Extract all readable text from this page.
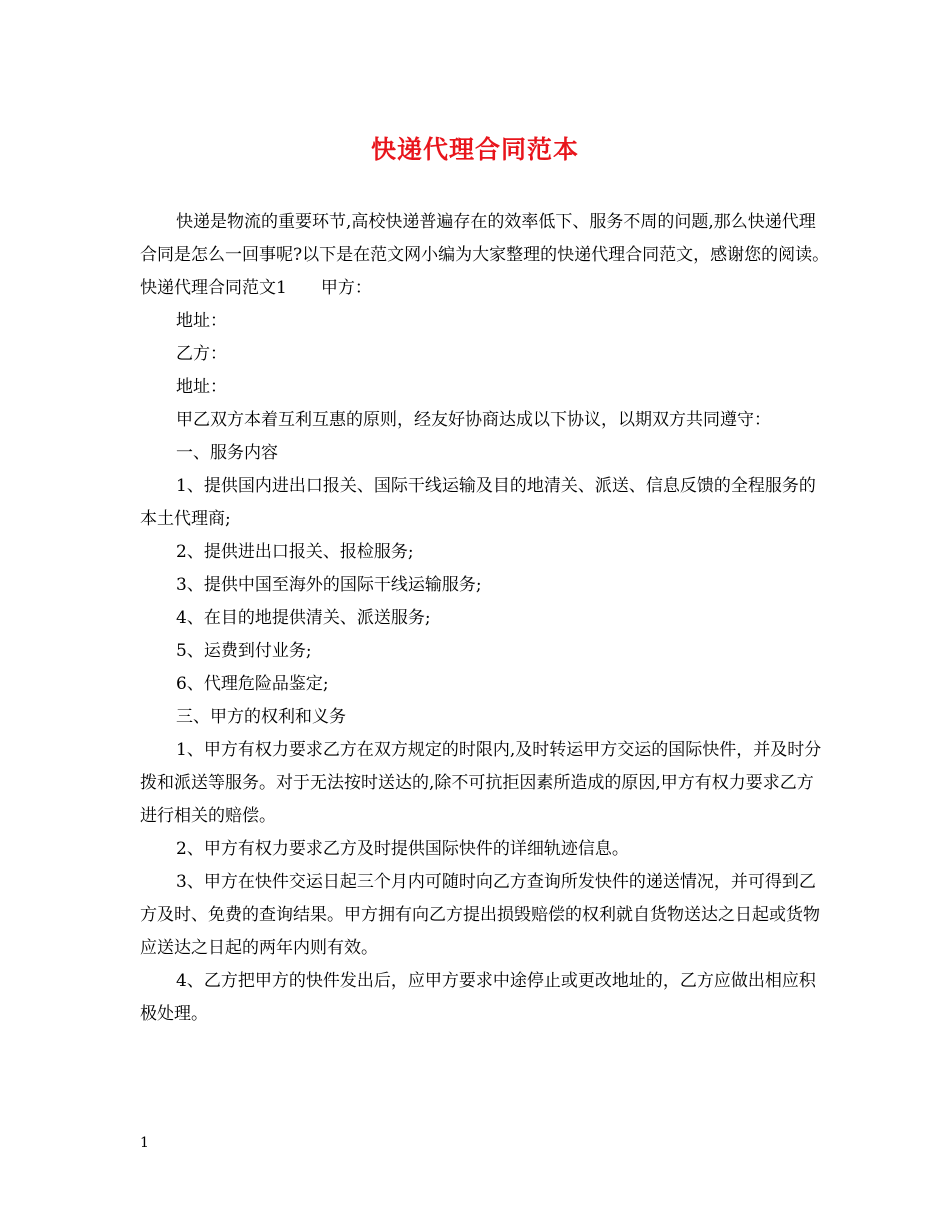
快递代理合同范本

快递是物流的重要环节,高校快递普遍存在的效率低下、服务不周的问题,那么快递代理合同是怎么一回事呢?以下是在范文网小编为大家整理的快递代理合同范文，感谢您的阅读。

快递代理合同范文1　　甲方：

地址：

乙方：

地址：

甲乙双方本着互利互惠的原则，经友好协商达成以下协议，以期双方共同遵守：

一、服务内容

1、提供国内进出口报关、国际干线运输及目的地清关、派送、信息反馈的全程服务的本土代理商;

2、提供进出口报关、报检服务;

3、提供中国至海外的国际干线运输服务;

4、在目的地提供清关、派送服务;

5、运费到付业务;

6、代理危险品鉴定;

三、甲方的权利和义务

1、甲方有权力要求乙方在双方规定的时限内,及时转运甲方交运的国际快件，并及时分拨和派送等服务。对于无法按时送达的,除不可抗拒因素所造成的原因,甲方有权力要求乙方进行相关的赔偿。

2、甲方有权力要求乙方及时提供国际快件的详细轨迹信息。

3、甲方在快件交运日起三个月内可随时向乙方查询所发快件的递送情况，并可得到乙方及时、免费的查询结果。甲方拥有向乙方提出损毁赔偿的权利就自货物送达之日起或货物应送达之日起的两年内则有效。

4、乙方把甲方的快件发出后，应甲方要求中途停止或更改地址的，乙方应做出相应积极处理。

1
